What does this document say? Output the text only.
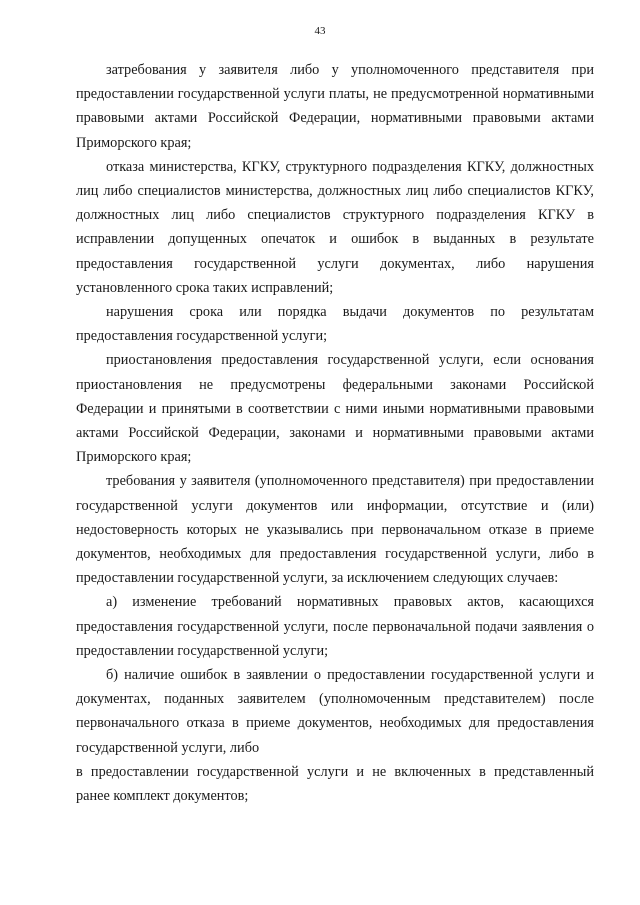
43

затребования у заявителя либо у уполномоченного представителя при предоставлении государственной услуги платы, не предусмотренной нормативными правовыми актами Российской Федерации, нормативными правовыми актами Приморского края;

отказа министерства, КГКУ, структурного подразделения КГКУ, должностных лиц либо специалистов министерства, должностных лиц либо специалистов КГКУ, должностных лиц либо специалистов структурного подразделения КГКУ в исправлении допущенных опечаток и ошибок в выданных в результате предоставления государственной услуги документах, либо нарушения установленного срока таких исправлений;

нарушения срока или порядка выдачи документов по результатам предоставления государственной услуги;

приостановления предоставления государственной услуги, если основания приостановления не предусмотрены федеральными законами Российской Федерации и принятыми в соответствии с ними иными нормативными правовыми актами Российской Федерации, законами и нормативными правовыми актами Приморского края;

требования у заявителя (уполномоченного представителя) при предоставлении государственной услуги документов или информации, отсутствие и (или) недостоверность которых не указывались при первоначальном отказе в приеме документов, необходимых для предоставления государственной услуги, либо в предоставлении государственной услуги, за исключением следующих случаев:

а) изменение требований нормативных правовых актов, касающихся предоставления государственной услуги, после первоначальной подачи заявления о предоставлении государственной услуги;

б) наличие ошибок в заявлении о предоставлении государственной услуги и документах, поданных заявителем (уполномоченным представителем) после первоначального отказа в приеме документов, необходимых для предоставления государственной услуги, либо
в предоставлении государственной услуги и не включенных в представленный ранее комплект документов;
